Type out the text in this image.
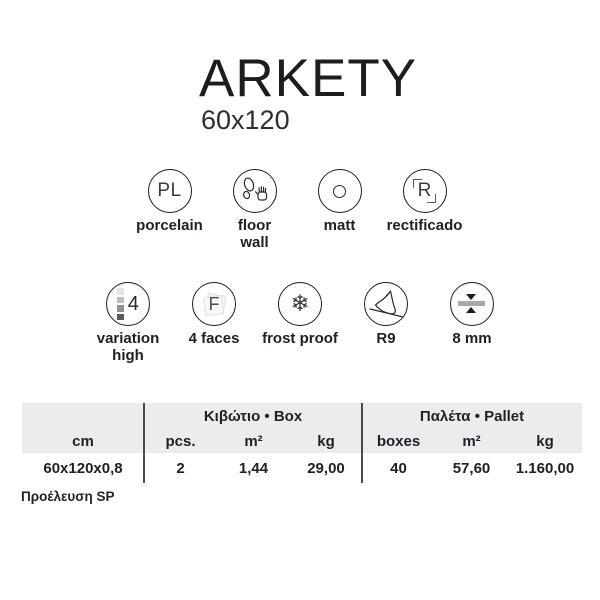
ARKETY
60x120
PL
porcelain floor
wall
matt
R
rectificado
4
variation
high
F
4 faces
❄
frost proof	R9	8 mm
Κιβώτιο • Box	Παλέτα • Pallet
cm	pcs.	m²	kg	boxes	m²	kg
60x120x0,8	2	1,44	29,00	40	57,60	1.160,00
Προέλευση SP
